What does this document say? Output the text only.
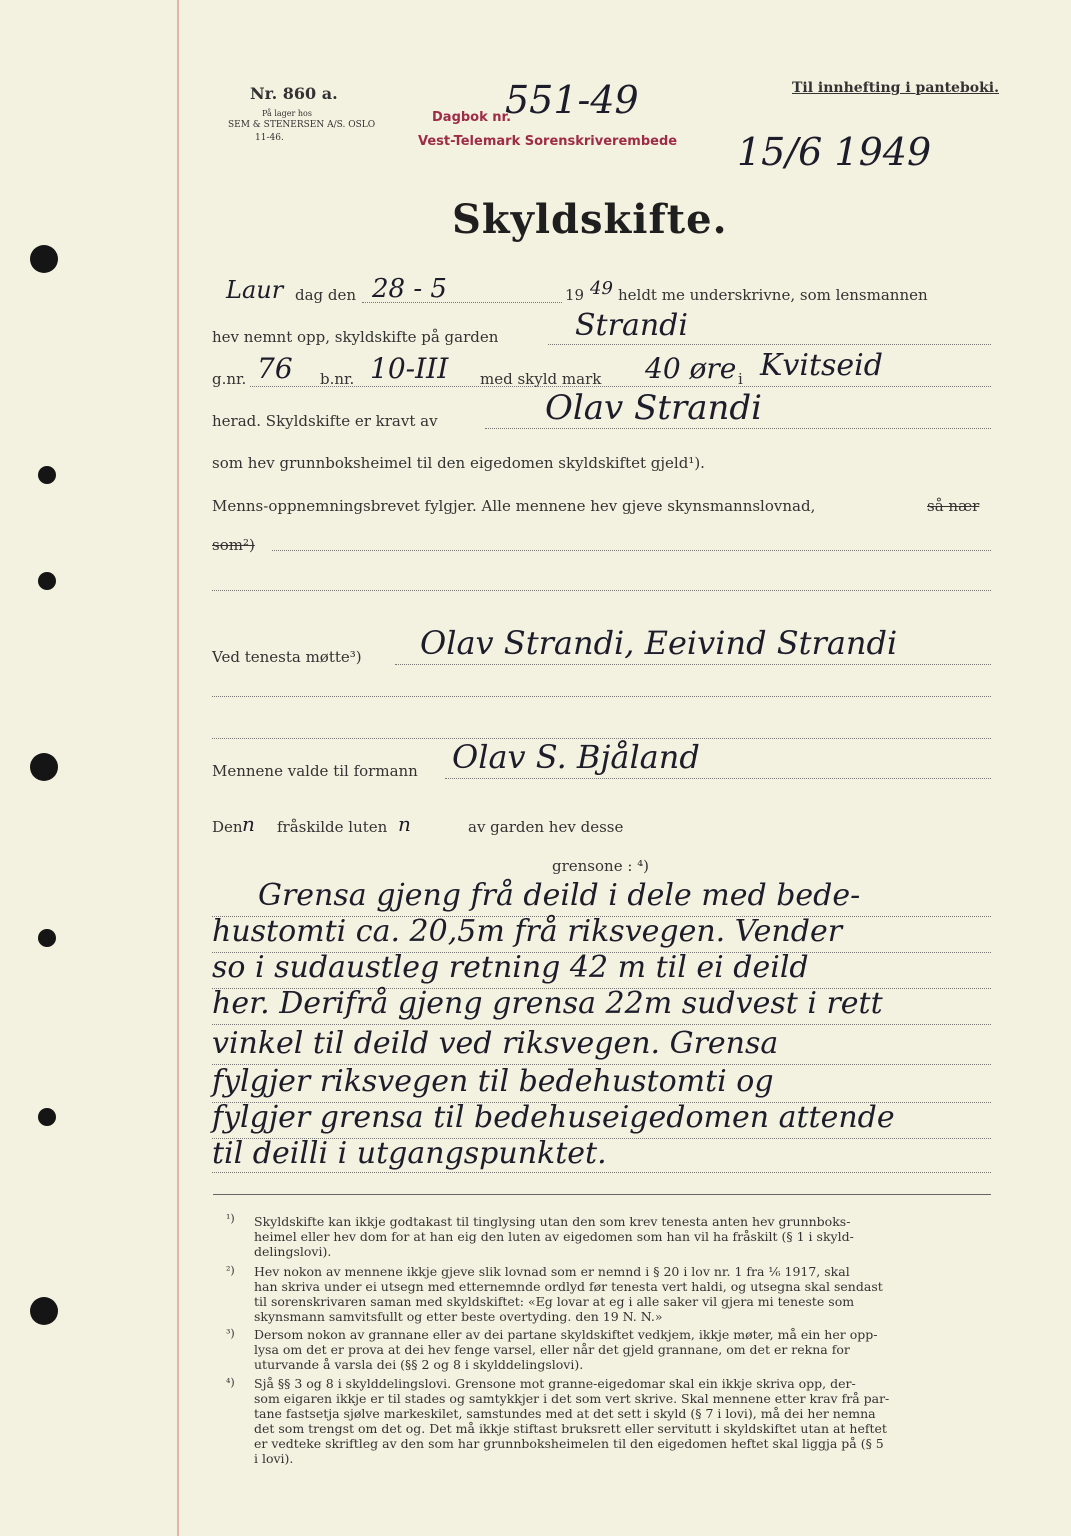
Nr. 860 a.
På lager hos
SEM & STENERSEN A/S. OSLO
11-46.
Dagbok nr.
551-49
Vest-Telemark Sorenskriverembede 15/6 1949
Til innhefting i panteboki.
Skyldskifte.
Laur dag den 28 - 5	19 49 heldt me underskrivne, som lensmannen
hev nemnt opp, skyldskifte på garden	Strandi
g.nr. 76 b.nr. 10-III med skyld mark 40 øre i Kvitseid
herad. Skyldskifte er kravt av	Olav Strandi
som hev grunnboksheimel til den eigedomen skyldskiftet gjeld¹).
Menns-oppnemningsbrevet fylgjer. Alle mennene hev gjeve skynsmannslovnad,	så nær
som²)
Ved tenesta møtte³) Olav Strandi, Eeivind Strandi
Mennene valde til formann Olav S. Bjåland
Den n fråskilde luten n	av garden hev desse
grensone : ⁴)
Grensa gjeng frå deild i dele med bede-
hustomti ca. 20,5m frå riksvegen. Vender
so i sudaustleg retning 42 m til ei deild
her. Derifrå gjeng grensa 22m sudvest i rett
vinkel til deild ved riksvegen. Grensa
fylgjer riksvegen til bedehustomti og
fylgjer grensa til bedehuseigedomen attende
til deilli i utgangspunktet.
¹) Skyldskifte kan ikkje godtakast til tinglysing utan den som krev tenesta anten hev grunnboks-
heimel eller hev dom for at han eig den luten av eigedomen som han vil ha fråskilt (§ 1 i skyld-
delingslovi).
²) Hev nokon av mennene ikkje gjeve slik lovnad som er nemnd i § 20 i lov nr. 1 fra ⅙ 1917, skal
han skriva under ei utsegn med etternemnde ordlyd før tenesta vert haldi, og utsegna skal sendast
til sorenskrivaren saman med skyldskiftet: «Eg lovar at eg i alle saker vil gjera mi teneste som
skynsmann samvitsfullt og etter beste overtyding. den 19 N. N.»
³) Dersom nokon av grannane eller av dei partane skyldskiftet vedkjem, ikkje møter, må ein her opp-
lysa om det er prova at dei hev fenge varsel, eller når det gjeld grannane, om det er rekna for
uturvande å varsla dei (§§ 2 og 8 i skylddelingslovi).
⁴) Sjå §§ 3 og 8 i skylddelingslovi. Grensone mot granne-eigedomar skal ein ikkje skriva opp, der-
som eigaren ikkje er til stades og samtykkjer i det som vert skrive. Skal mennene etter krav frå par-
tane fastsetja sjølve markeskilet, samstundes med at det sett i skyld (§ 7 i lovi), må dei her nemna
det som trengst om det og. Det må ikkje stiftast bruksrett eller servitutt i skyldskiftet utan at heftet
er vedteke skriftleg av den som har grunnboksheimelen til den eigedomen heftet skal liggja på (§ 5
i lovi).
